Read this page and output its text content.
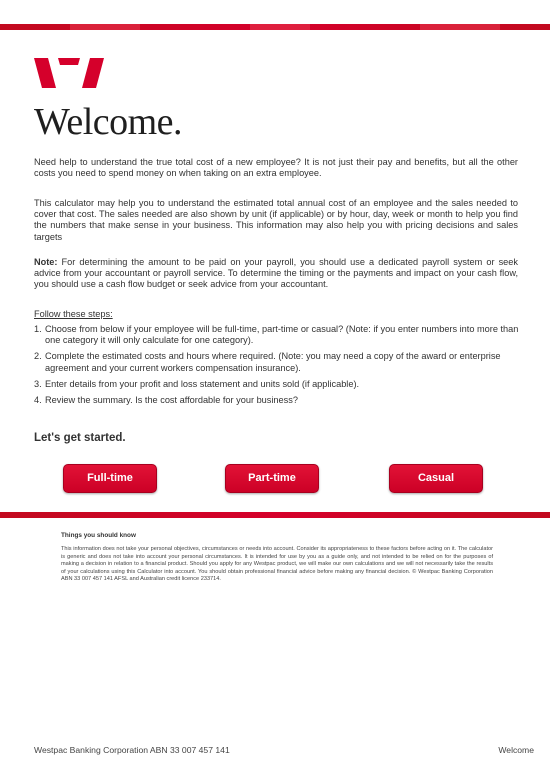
Welcome.

Need help to understand the true total cost of a new employee? It is not just their pay and benefits, but all the other costs you need to spend money on when taking on an extra employee.

This calculator may help you to understand the estimated total annual cost of an employee and the sales needed to cover that cost. The sales needed are also shown by unit (if applicable) or by hour, day, week or month to help you find the numbers that make sense in your business. This information may also help you with pricing decisions and sales targets

Note: For determining the amount to be paid on your payroll, you should use a dedicated payroll system or seek advice from your accountant or payroll service. To determine the timing or the payments and impact on your cash flow, you should use a cash flow budget or seek advice from your accountant.

Follow these steps:

1. Choose from below if your employee will be full-time, part-time or casual? (Note: if you enter numbers into more than one category it will only calculate for one category).
2. Complete the estimated costs and hours where required. (Note: you may need a copy of the award or enterprise agreement and your current workers compensation insurance).
3. Enter details from your profit and loss statement and units sold (if applicable).
4. Review the summary. Is the cost affordable for your business?

Let's get started.

Full-time	Part-time	Casual

Things you should know

This information does not take your personal objectives, circumstances or needs into account. Consider its appropriateness to these factors before acting on it. The calculator is generic and does not take into account your personal circumstances. It is intended for use by you as a guide only, and not intended to be relied on for the purposes of making a decision in relation to a financial product. Should you apply for any Westpac product, we will make our own calculations and we will not necessarily take the results of your calculations using this Calculator into account. You should obtain professional financial advice before making any financial decision. © Westpac Banking Corporation ABN 33 007 457 141 AFSL and Australian credit licence 233714.

Westpac Banking Corporation ABN 33 007 457 141	Welcome
